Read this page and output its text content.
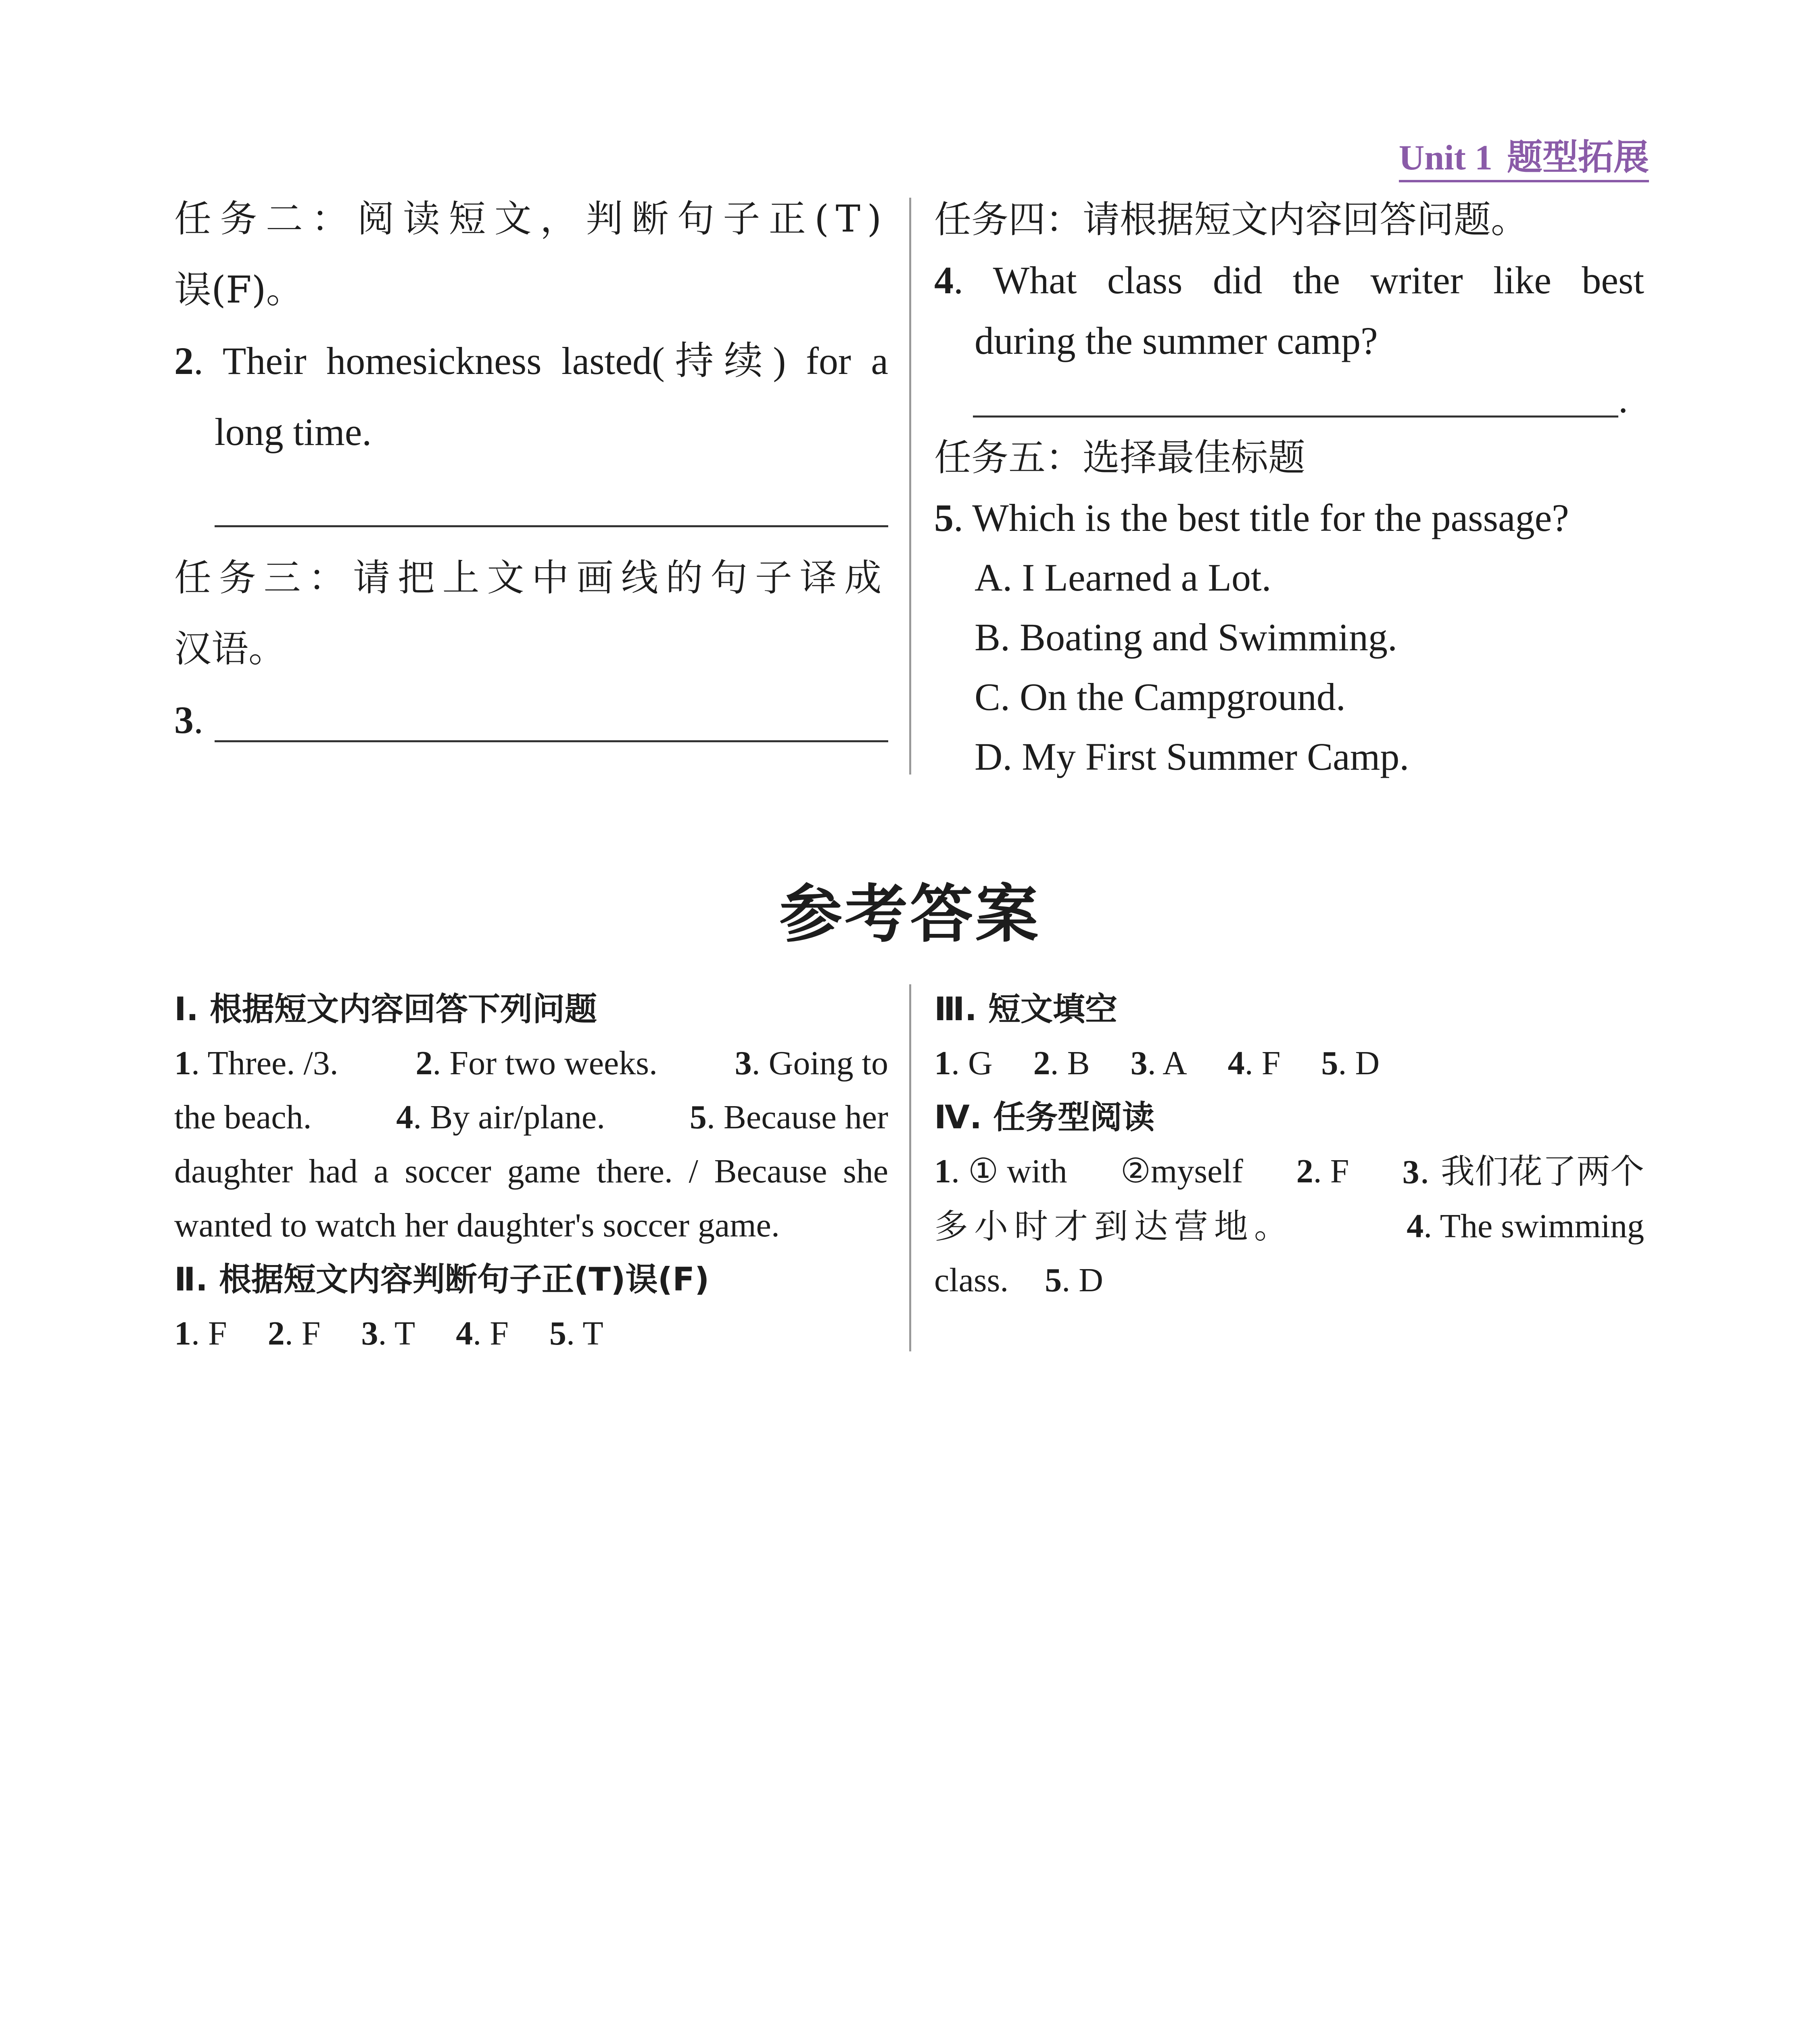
Unit 1 题型拓展
任务二：阅读短文，判断句子正(T)
误(F)。
2. Their homesickness lasted(持续) for a
long time.
任务三：请把上文中画线的句子译成
汉语。
3.
任务四：请根据短文内容回答问题。
4. What class did the writer like best
during the summer camp?
.
任务五：选择最佳标题
5. Which is the best title for the passage?
A. I Learned a Lot.
B. Boating and Swimming.
C. On the Campground.
D. My First Summer Camp.
参考答案
Ⅰ. 根据短文内容回答下列问题
1. Three. /3. 2. For two weeks. 3. Going to
the beach. 4. By air/plane. 5. Because her
daughter had a soccer game there. / Because she
wanted to watch her daughter's soccer game.
Ⅱ. 根据短文内容判断句子正(T)误(F)
1. F 2. F 3. T 4. F 5. T
Ⅲ. 短文填空
1. G 2. B 3. A 4. F 5. D
Ⅳ. 任务型阅读
1. ① with ②myself 2. F 3. 我们花了两个
多小时才到达营地。	4. The swimming
class. 5. D
